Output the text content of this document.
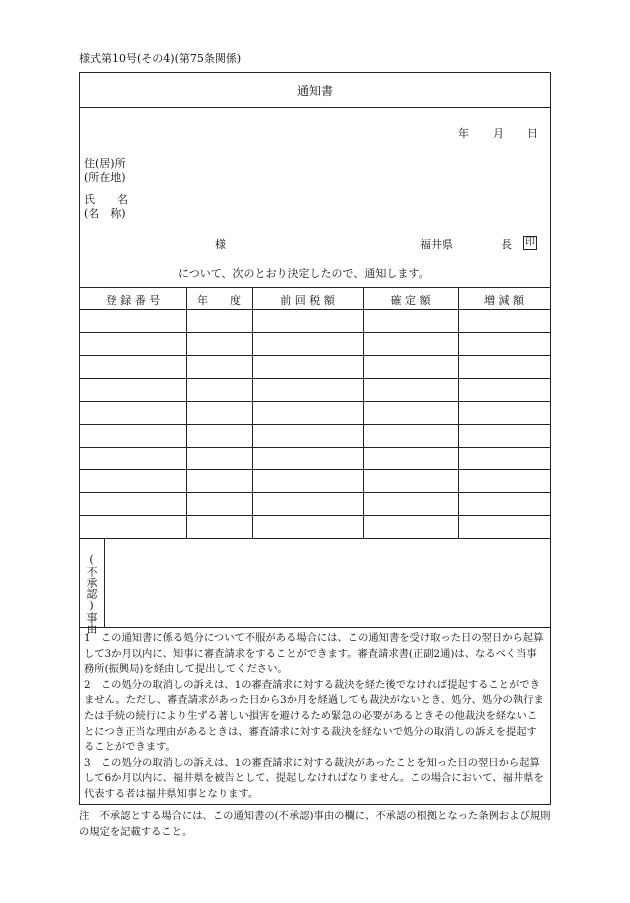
様式第10号(その4)(第75条関係)
通知書
年 月 日
住(居)所
(所在地)
氏　　名
(名　称)
様	福井県	長 印
について、次のとおり決定したので、通知します。
登 録 番 号	年　　度	前 回 税 額	確 定 額	増 減 額
(不承認)事由

1　この通知書に係る処分について不服がある場合には、この通知書を受け取った日の翌日から起算して3か月以内に、知事に審査請求をすることができます。審査請求書(正副2通)は、なるべく当事務所(振興局)を経由して提出してください。

2　この処分の取消しの訴えは、1の審査請求に対する裁決を経た後でなければ提起することができません。ただし、審査請求があった日から3か月を経過しても裁決がないとき、処分、処分の執行または手続の続行により生ずる著しい損害を避けるため緊急の必要があるときその他裁決を経ないことにつき正当な理由があるときは、審査請求に対する裁決を経ないで処分の取消しの訴えを提起することができます。

3　この処分の取消しの訴えは、1の審査請求に対する裁決があったことを知った日の翌日から起算して6か月以内に、福井県を被告として、提起しなければなりません。この場合において、福井県を代表する者は福井県知事となります。

注　不承認とする場合には、この通知書の(不承認)事由の欄に、不承認の根拠となった条例および規則の規定を記載すること。
